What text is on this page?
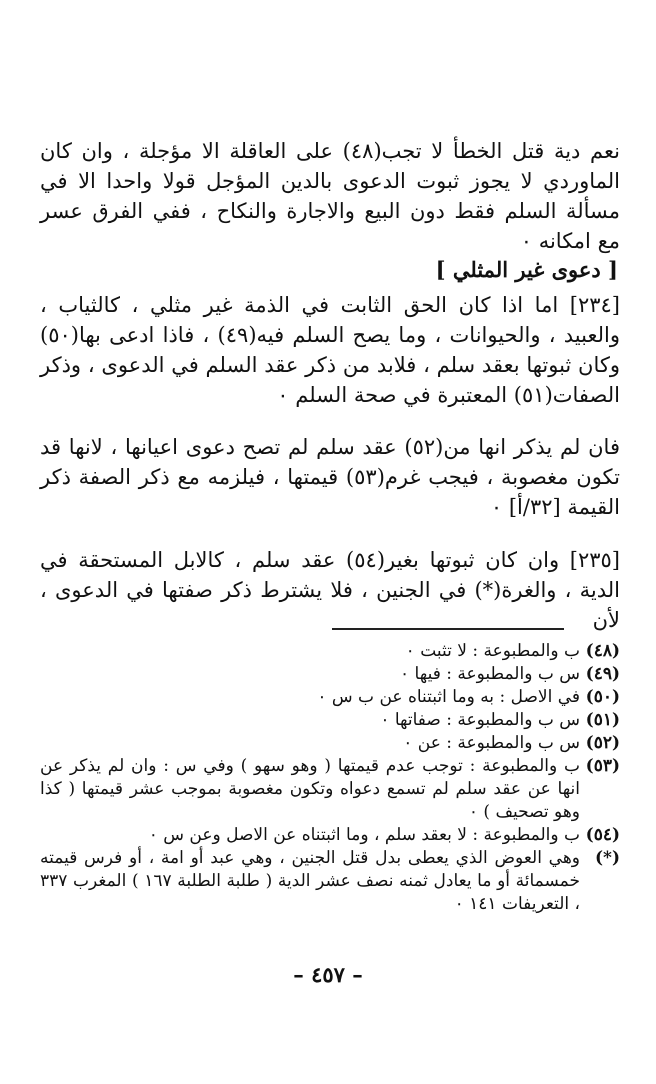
نعم دية قتل الخطأ لا تجب(٤٨) على العاقلة الا مؤجلة ، وان كان الماوردي لا يجوز ثبوت الدعوى بالدين المؤجل قولا واحدا الا في مسألة السلم فقط دون البيع والاجارة والنكاح ، ففي الفرق عسر مع امكانه ٠

[ دعوى غير المثلي ]

[٢٣٤] اما اذا كان الحق الثابت في الذمة غير مثلي ، كالثياب ، والعبيد ، والحيوانات ، وما يصح السلم فيه(٤٩) ، فاذا ادعى بها(٥٠) وكان ثبوتها بعقد سلم ، فلابد من ذكر عقد السلم في الدعوى ، وذكر الصفات(٥١) المعتبرة في صحة السلم ٠

فان لم يذكر انها من(٥٢) عقد سلم لم تصح دعوى اعيانها ، لانها قد تكون مغصوبة ، فيجب غرم(٥٣) قيمتها ، فيلزمه مع ذكر الصفة ذكر القيمة [٣٢/أ] ٠

[٢٣٥] وان كان ثبوتها بغير(٥٤) عقد سلم ، كالابل المستحقة في الدية ، والغرة(*) في الجنين ، فلا يشترط ذكر صفتها في الدعوى ، لأن

(٤٨)
ب والمطبوعة : لا تثبت ٠
(٤٩)
س ب والمطبوعة : فيها ٠
(٥٠)
في الاصل : به وما اثبتناه عن ب س ٠
(٥١)
س ب والمطبوعة : صفاتها ٠
(٥٢)
س ب والمطبوعة : عن ٠
(٥٣)
ب والمطبوعة : توجب عدم قيمتها ( وهو سهو ) وفي س : وان لم يذكر عن انها عن عقد سلم لم تسمع دعواه وتكون مغصوبة بموجب عشر قيمتها ( كذا وهو تصحيف ) ٠
(٥٤)
ب والمطبوعة : لا بعقد سلم ، وما اثبتناه عن الاصل وعن س ٠
(*)
وهي العوض الذي يعطى بدل قتل الجنين ، وهي عبد أو امة ، أو فرس قيمته خمسمائة أو ما يعادل ثمنه نصف عشر الدية ( طلبة الطلبة ١٦٧ ) المغرب ٣٣٧ ، التعريفات ١٤١ ٠
– ٤٥٧ –
